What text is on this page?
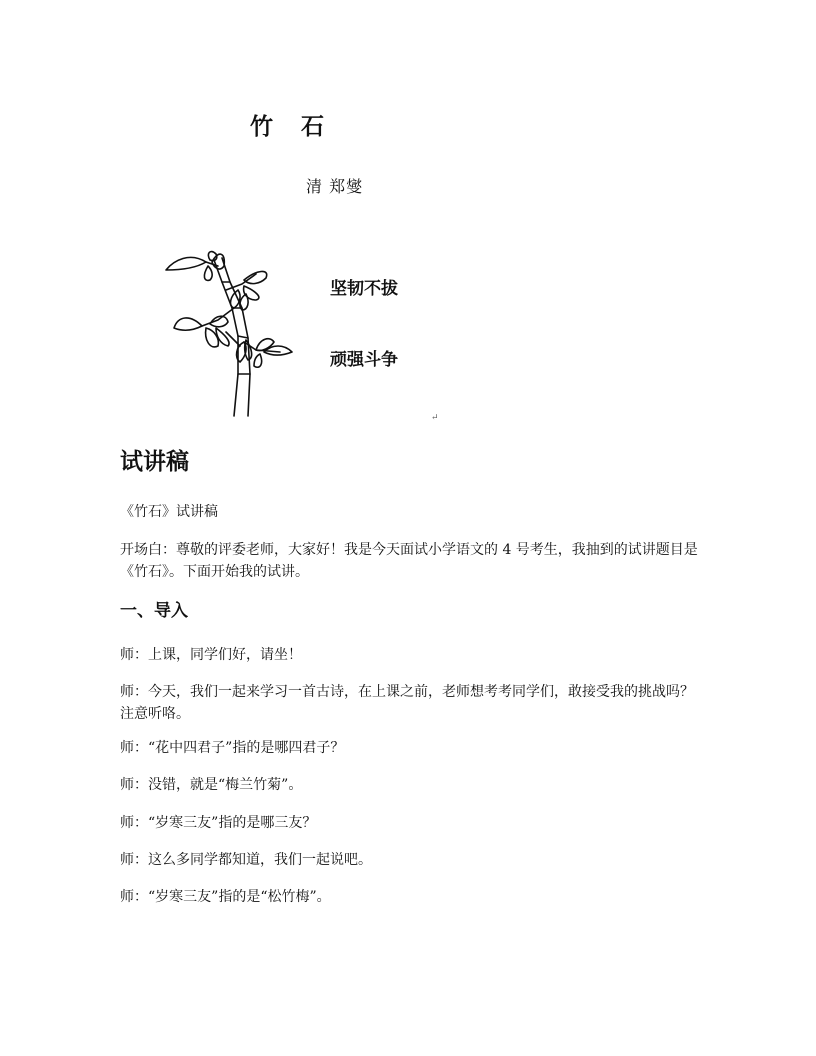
竹 石
清 郑燮
坚韧不拔
顽强斗争
↵
试讲稿

《竹石》试讲稿

开场白：尊敬的评委老师，大家好！我是今天面试小学语文的 4 号考生，我抽到的试讲题目是《竹石》。下面开始我的试讲。

一、导入

师：上课，同学们好，请坐！

师：今天，我们一起来学习一首古诗，在上课之前，老师想考考同学们，敢接受我的挑战吗？注意听咯。

师：“花中四君子”指的是哪四君子？

师：没错，就是“梅兰竹菊”。

师：“岁寒三友”指的是哪三友？

师：这么多同学都知道，我们一起说吧。

师：“岁寒三友”指的是“松竹梅”。
